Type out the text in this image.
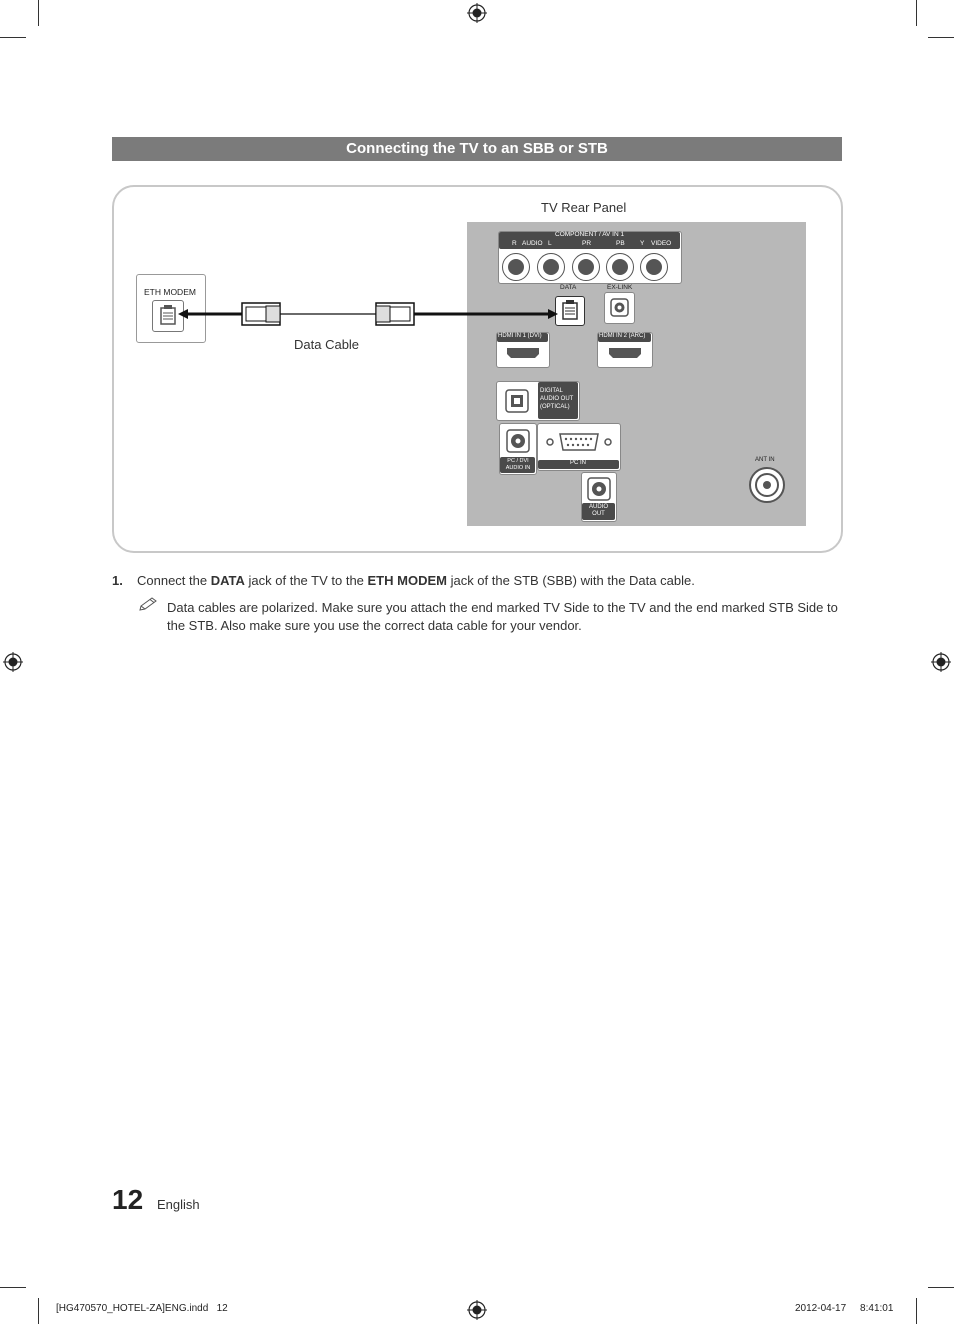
Connecting the TV to an SBB or STB
TV Rear Panel
COMPONENT / AV IN 1
R AUDIO L	PR	PB Y VIDEO
DATA	EX-LINK
HDMI IN 1 (DVI)	HDMI IN 2 (ARC)
DIGITAL AUDIO OUT (OPTICAL)
PC / DVI AUDIO IN
PC IN
AUDIO OUT
ANT IN
ETH MODEM
Data Cable
1. Connect the DATA jack of the TV to the ETH MODEM jack of the STB (SBB) with the Data cable.
Data cables are polarized. Make sure you attach the end marked TV Side to the TV and the end marked STB Side to the STB. Also make sure you use the correct data cable for your vendor.
12 English
[HG470570_HOTEL-ZA]ENG.indd   12	2012-04-17     8:41:01
